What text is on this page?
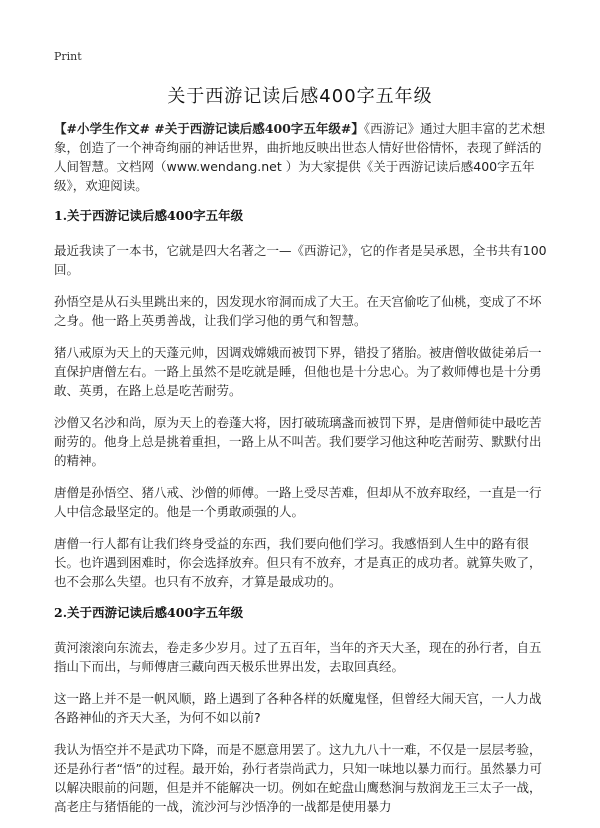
Print
关于西游记读后感400字五年级

【#小学生作文# #关于西游记读后感400字五年级#】《西游记》通过大胆丰富的艺术想象，创造了一个神奇绚丽的神话世界，曲折地反映出世态人情好世俗情怀，表现了鲜活的人间智慧。文档网（www.wendang.net ）为大家提供《关于西游记读后感400字五年级》，欢迎阅读。

1.关于西游记读后感400字五年级

最近我读了一本书，它就是四大名著之一—《西游记》，它的作者是吴承恩，全书共有100回。

孙悟空是从石头里跳出来的，因发现水帘洞而成了大王。在天宫偷吃了仙桃，变成了不坏之身。他一路上英勇善战，让我们学习他的勇气和智慧。

猪八戒原为天上的天蓬元帅，因调戏嫦娥而被罚下界，错投了猪胎。被唐僧收做徒弟后一直保护唐僧左右。一路上虽然不是吃就是睡，但他也是十分忠心。为了救师傅也是十分勇敢、英勇，在路上总是吃苦耐劳。

沙僧又名沙和尚，原为天上的卷蓬大将，因打破琉璃盏而被罚下界，是唐僧师徒中最吃苦耐劳的。他身上总是挑着重担，一路上从不叫苦。我们要学习他这种吃苦耐劳、默默付出的精神。

唐僧是孙悟空、猪八戒、沙僧的师傅。一路上受尽苦难，但却从不放弃取经，一直是一行人中信念最坚定的。他是一个勇敢顽强的人。

唐僧一行人都有让我们终身受益的东西，我们要向他们学习。我感悟到人生中的路有很长。也许遇到困难时，你会选择放弃。但只有不放弃，才是真正的成功者。就算失败了，也不会那么失望。也只有不放弃，才算是最成功的。

2.关于西游记读后感400字五年级

黄河滚滚向东流去，卷走多少岁月。过了五百年，当年的齐天大圣，现在的孙行者，自五指山下而出，与师傅唐三藏向西天极乐世界出发，去取回真经。

这一路上并不是一帆风顺，路上遇到了各种各样的妖魔鬼怪，但曾经大闹天宫，一人力战各路神仙的齐天大圣，为何不如以前?

我认为悟空并不是武功下降，而是不愿意用罢了。这九九八十一难，不仅是一层层考验，还是孙行者“悟”的过程。最开始，孙行者崇尚武力，只知一味地以暴力而行。虽然暴力可以解决眼前的问题，但是并不能解决一切。例如在蛇盘山鹰愁涧与敖润龙王三太子一战，高老庄与猪悟能的一战，流沙河与沙悟净的一战都是使用暴力
